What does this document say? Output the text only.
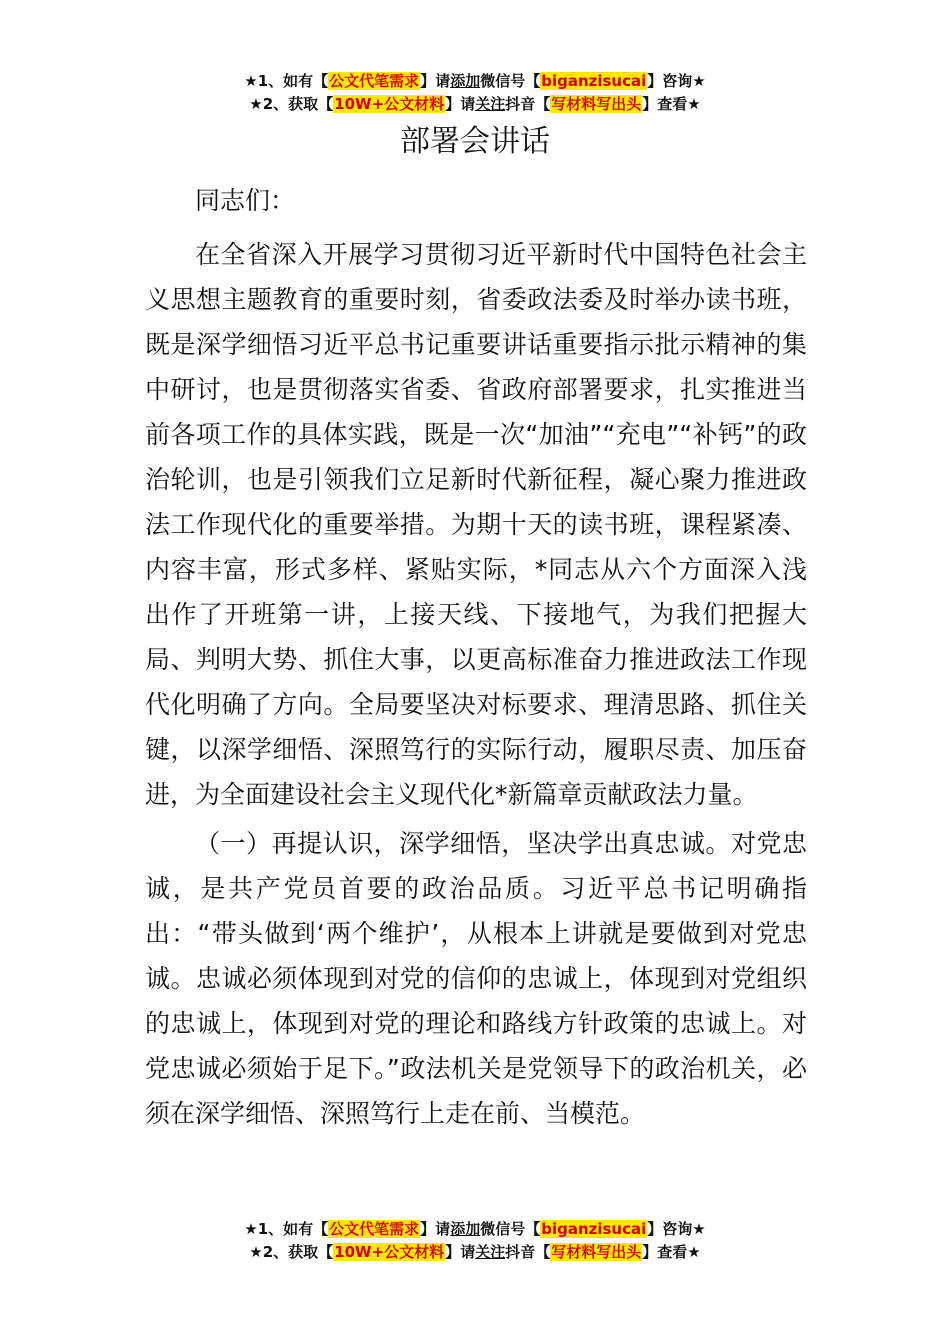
★1、如有【公文代笔需求】请添加微信号【biganzisucai】咨询★
★2、获取【10W+公文材料】请关注抖音【写材料写出头】查看★
部署会讲话
同志们：

在全省深入开展学习贯彻习近平新时代中国特色社会主义思想主题教育的重要时刻，省委政法委及时举办读书班，既是深学细悟习近平总书记重要讲话重要指示批示精神的集中研讨，也是贯彻落实省委、省政府部署要求，扎实推进当前各项工作的具体实践，既是一次“加油”“充电”“补钙”的政治轮训，也是引领我们立足新时代新征程，凝心聚力推进政法工作现代化的重要举措。为期十天的读书班，课程紧凑、内容丰富，形式多样、紧贴实际，*同志从六个方面深入浅出作了开班第一讲，上接天线、下接地气，为我们把握大局、判明大势、抓住大事，以更高标准奋力推进政法工作现代化明确了方向。全局要坚决对标要求、理清思路、抓住关键，以深学细悟、深照笃行的实际行动，履职尽责、加压奋进，为全面建设社会主义现代化*新篇章贡献政法力量。

（一）再提认识，深学细悟，坚决学出真忠诚。对党忠诚，是共产党员首要的政治品质。习近平总书记明确指出：“带头做到‘两个维护’，从根本上讲就是要做到对党忠诚。忠诚必须体现到对党的信仰的忠诚上，体现到对党组织的忠诚上，体现到对党的理论和路线方针政策的忠诚上。对党忠诚必须始于足下。”政法机关是党领导下的政治机关，必须在深学细悟、深照笃行上走在前、当模范。

★1、如有【公文代笔需求】请添加微信号【biganzisucai】咨询★
★2、获取【10W+公文材料】请关注抖音【写材料写出头】查看★
